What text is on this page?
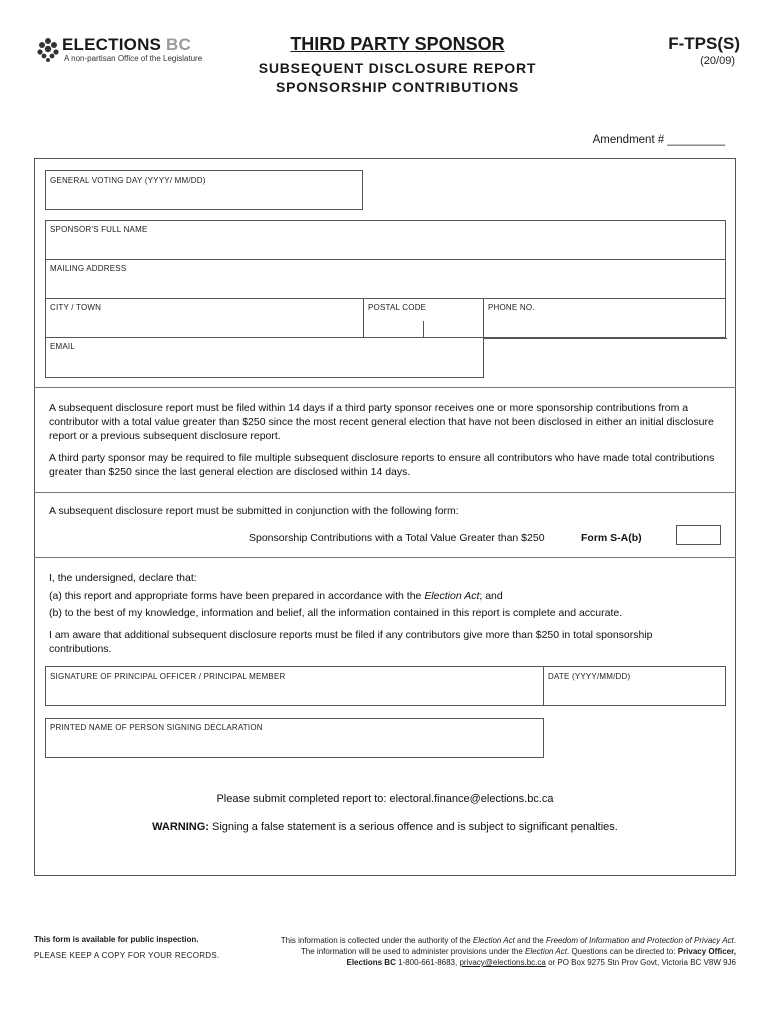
ELECTIONS BC
A non-partisan Office of the Legislature
THIRD PARTY SPONSOR
SUBSEQUENT DISCLOSURE REPORT
SPONSORSHIP CONTRIBUTIONS
F-TPS(S)
(20/09)
Amendment # _________
GENERAL VOTING DAY (YYYY/ MM/DD)
SPONSOR'S FULL NAME
MAILING ADDRESS
CITY / TOWN	POSTAL CODE	PHONE NO.
EMAIL
A subsequent disclosure report must be filed within 14 days if a third party sponsor receives one or more sponsorship contributions from a contributor with a total value greater than $250 since the most recent general election that have not been disclosed in either an initial disclosure report or a previous subsequent disclosure report.
A third party sponsor may be required to file multiple subsequent disclosure reports to ensure all contributors who have made total contributions greater than $250 since the last general election are disclosed within 14 days.
A subsequent disclosure report must be submitted in conjunction with the following form:
Sponsorship Contributions with a Total Value Greater than $250	Form S-A(b)
I, the undersigned, declare that:
(a) this report and appropriate forms have been prepared in accordance with the Election Act; and
(b) to the best of my knowledge, information and belief, all the information contained in this report is complete and accurate.
I am aware that additional subsequent disclosure reports must be filed if any contributors give more than $250 in total sponsorship contributions.
SIGNATURE OF PRINCIPAL OFFICER / PRINCIPAL MEMBER	DATE (YYYY/MM/DD)
PRINTED NAME OF PERSON SIGNING DECLARATION
Please submit completed report to: electoral.finance@elections.bc.ca
WARNING: Signing a false statement is a serious offence and is subject to significant penalties.
This form is available for public inspection.
PLEASE KEEP A COPY FOR YOUR RECORDS.
This information is collected under the authority of the Election Act and the Freedom of Information and Protection of Privacy Act.
The information will be used to administer provisions under the Election Act. Questions can be directed to: Privacy Officer,
Elections BC 1-800-661-8683, privacy@elections.bc.ca or PO Box 9275 Stn Prov Govt, Victoria BC V8W 9J6
